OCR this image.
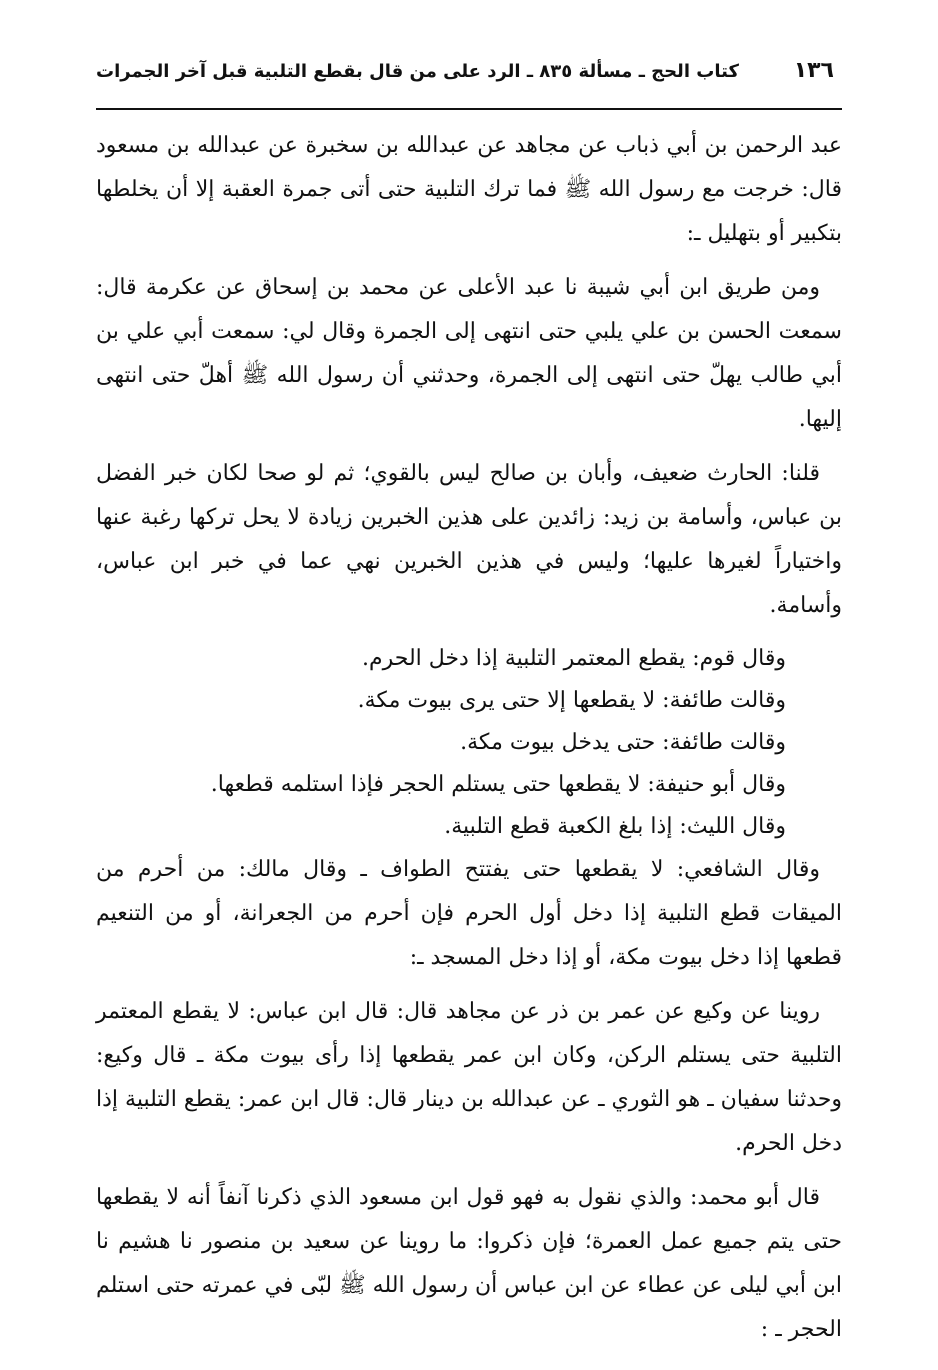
١٣٦
كتاب الحج ـ مسألة ٨٣٥ ـ الرد على من قال بقطع التلبية قبل آخر الجمرات

عبد الرحمن بن أبي ذباب عن مجاهد عن عبدالله بن سخبرة عن عبدالله بن مسعود قال: خرجت مع رسول الله ﷺ فما ترك التلبية حتى أتى جمرة العقبة إلا أن يخلطها بتكبير أو بتهليل ـ:

ومن طريق ابن أبي شيبة نا عبد الأعلى عن محمد بن إسحاق عن عكرمة قال: سمعت الحسن بن علي يلبي حتى انتهى إلى الجمرة وقال لي: سمعت أبي علي بن أبي طالب يهلّ حتى انتهى إلى الجمرة، وحدثني أن رسول الله ﷺ أهلّ حتى انتهى إليها.

قلنا: الحارث ضعيف، وأبان بن صالح ليس بالقوي؛ ثم لو صحا لكان خبر الفضل بن عباس، وأسامة بن زيد: زائدين على هذين الخبرين زيادة لا يحل تركها رغبة عنها واختياراً لغيرها عليها؛ وليس في هذين الخبرين نهي عما في خبر ابن عباس، وأسامة.

وقال قوم: يقطع المعتمر التلبية إذا دخل الحرم.

وقالت طائفة: لا يقطعها إلا حتى يرى بيوت مكة.

وقالت طائفة: حتى يدخل بيوت مكة.

وقال أبو حنيفة: لا يقطعها حتى يستلم الحجر فإذا استلمه قطعها.

وقال الليث: إذا بلغ الكعبة قطع التلبية.

وقال الشافعي: لا يقطعها حتى يفتتح الطواف ـ وقال مالك: من أحرم من الميقات قطع التلبية إذا دخل أول الحرم فإن أحرم من الجعرانة، أو من التنعيم قطعها إذا دخل بيوت مكة، أو إذا دخل المسجد ـ:

روينا عن وكيع عن عمر بن ذر عن مجاهد قال: قال ابن عباس: لا يقطع المعتمر التلبية حتى يستلم الركن، وكان ابن عمر يقطعها إذا رأى بيوت مكة ـ قال وكيع: وحدثنا سفيان ـ هو الثوري ـ عن عبدالله بن دينار قال: قال ابن عمر: يقطع التلبية إذا دخل الحرم.

قال أبو محمد: والذي نقول به فهو قول ابن مسعود الذي ذكرنا آنفاً أنه لا يقطعها حتى يتم جميع عمل العمرة؛ فإن ذكروا: ما روينا عن سعيد بن منصور نا هشيم نا ابن أبي ليلى عن عطاء عن ابن عباس أن رسول الله ﷺ لبّى في عمرته حتى استلم الحجر ـ :
